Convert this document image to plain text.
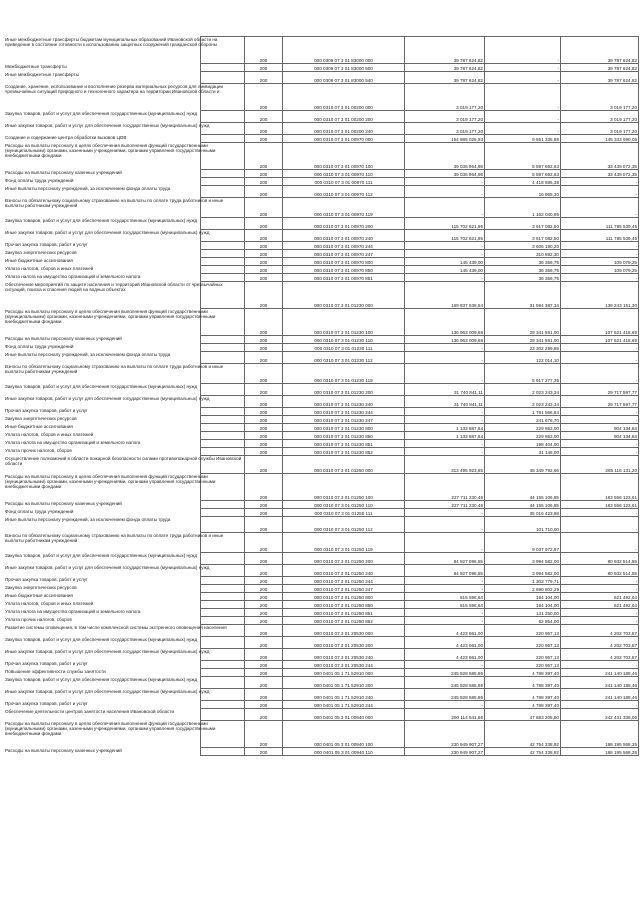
Иные межбюджетные трансферты бюджетам муниципальных образований Ивановской области на приведение в состояние готовности к использованию защитных сооружений гражданской обороны	200	000 0309 07 3 01 83000 000	39 787 624,82	-	39 787 624,82

Межбюджетные трансферты	200	000 0309 07 3 01 83000 500	39 787 624,82	-	39 787 624,82

Иные межбюджетные трансферты	200	000 0309 07 3 01 83000 540	39 787 624,82	-	39 787 624,82

Создание, хранение, использование и восполнение резерва материальных ресурсов для ликвидации чрезвычайных ситуаций природного и техногенного характера на территории Ивановской области и	200	000 0310 07 3 01 00200 000	3 019 177,20	-	3 019 177,20

Закупка товаров, работ и услуг для обеспечения государственных (муниципальных) нужд	200	000 0310 07 3 01 00200 200	3 019 177,20	-	3 019 177,20

Иные закупки товаров, работ и услуг для обеспечения государственных (муниципальных) нужд	200	000 0310 07 3 01 00200 240	3 019 177,20	-	3 019 177,20

Создание и содержание центра обработки вызовов ЦОВ	200	000 0310 07 3 01 00970 000	154 885 025,93	9 551 335,88	145 333 690,05

Расходы на выплаты персоналу в целях обеспечения выполнения функций государственными (муниципальными) органами, казенными учреждениями, органами управления государственными внебюджетными фондами	200	000 0310 07 3 01 00970 100	39 036 964,98	5 597 692,63	33 439 072,35

Расходы на выплаты персоналу казенных учреждений	200	000 0310 07 3 01 00970 110	39 036 964,98	5 597 692,63	33 439 072,35

Фонд оплаты труда учреждений	200	000 0310 07 3 01 00970 111	-	4 418 686,38	-

Иные выплаты персоналу учреждений, за исключением фонда оплаты труда	200	000 0310 07 3 01 00970 112	-	16 965,30	-

Взносы по обязательному социальному страхованию на выплаты по оплате труда работников и иные выплаты работникам учреждений	200	000 0310 07 3 01 00970 119	-	1 162 040,95	-

Закупка товаров, работ и услуг для обеспечения государственных (муниципальных) нужд	200	000 0310 07 3 01 00970 200	115 702 621,95	3 917 082,50	111 785 539,45

Иные закупки товаров, работ и услуг для обеспечения государственных (муниципальных) нужд	200	000 0310 07 3 01 00970 240	115 702 621,95	3 917 082,50	111 785 539,45

Прочая закупка товаров, работ и услуг	200	000 0310 07 3 01 00970 244	-	3 606 190,20	-

Закупка энергетических ресурсов	200	000 0310 07 3 01 00970 247	-	310 892,30	-

Иные бюджетные ассигнования	200	000 0310 07 3 01 00970 800	145 439,00	36 359,75	109 079,25

Уплата налогов, сборов и иных платежей	200	000 0310 07 3 01 00970 850	145 439,00	36 359,75	109 079,25

Уплата налога на имущество организаций и земельного налога	200	000 0310 07 3 01 00970 851	-	36 359,75	-

Обеспечение мероприятий по защите населения и территорий Ивановской области от чрезвычайных ситуаций, поиска и спасения людей на водных объектах	200	000 0310 07 3 01 01230 000	169 837 538,64	31 594 387,34	138 243 151,30

Расходы на выплаты персоналу в целях обеспечения выполнения функций государственными (муниципальными) органами, казенными учреждениями, органами управления государственными внебюджетными фондами	200	000 0310 07 3 01 01230 100	136 963 009,69	29 341 591,00	107 621 418,69

Расходы на выплаты персоналу казенных учреждений	200	000 0310 07 3 01 01230 110	136 963 009,69	29 341 591,00	107 621 418,69

Фонд оплаты труда учреждений	200	000 0310 07 3 01 01230 111	-	23 302 299,55	-

Иные выплаты персоналу учреждений, за исключением фонда оплаты труда	200	000 0310 07 3 01 01230 112	-	122 014,10	-

Взносы по обязательному социальному страхованию на выплаты по оплате труда работников и иные выплаты работникам учреждений	200	000 0310 07 3 01 01230 119	-	5 917 277,35	-

Закупка товаров, работ и услуг для обеспечения государственных (муниципальных) нужд	200	000 0310 07 3 01 01230 200	31 740 841,11	2 023 243,34	29 717 597,77

Иные закупки товаров, работ и услуг для обеспечения государственных (муниципальных) нужд	200	000 0310 07 3 01 01230 240	31 740 841,11	2 023 243,34	29 717 597,77

Прочая закупка товаров, работ и услуг	200	000 0310 07 3 01 01230 244	-	1 781 566,64	-

Закупка энергетических ресурсов	200	000 0310 07 3 01 01230 247	-	241 676,70	-

Иные бюджетные ассигнования	200	000 0310 07 3 01 01230 800	1 133 687,84	229 553,00	904 134,84

Уплата налогов, сборов и иных платежей	200	000 0310 07 3 01 01230 850	1 133 687,84	229 553,00	904 134,84

Уплата налога на имущество организаций и земельного налога	200	000 0310 07 3 01 01230 851	-	198 404,00	-

Уплата прочих налогов, сборов	200	000 0310 07 3 01 01230 852	-	31 149,00	-

Осуществление полномочий в области пожарной безопасности силами противопожарной службы Ивановской области	200	000 0310 07 3 01 01250 000	313 495 923,65	48 349 792,66	265 116 131,20

Расходы на выплаты персоналу в целях обеспечения выполнения функций государственными (муниципальными) органами, казенными учреждениями, органами управления государственными внебюджетными фондами	200	000 0310 07 3 01 01250 100	227 711 230,46	44 155 106,85	183 556 123,61

Расходы на выплаты персоналу казенных учреждений	200	000 0310 07 3 01 01250 110	227 711 230,46	44 155 106,85	183 556 123,61

Фонд оплаты труда учреждений	200	000 0310 07 3 01 01250 111	-	35 016 423,68	-

Иные выплаты персоналу учреждений, за исключением фонда оплаты труда	200	000 0310 07 3 01 01250 112	-	101 710,00	-

Взносы по обязательному социальному страхованию на выплаты по оплате труда работников и иные выплаты работникам учреждений	200	000 0310 07 3 01 01250 119	-	9 037 972,97	-

Закупка товаров, работ и услуг для обеспечения государственных (муниципальных) нужд	200	000 0310 07 3 01 01250 200	84 927 096,55	3 994 582,00	80 932 514,55

Иные закупки товаров, работ и услуг для обеспечения государственных (муниципальных) нужд	200	000 0310 07 3 01 01250 240	84 927 096,55	3 994 582,00	80 932 514,55

Прочая закупка товаров, работ и услуг	200	000 0310 07 3 01 01250 244	-	1 303 779,71	-

Закупка энергетических ресурсов	200	000 0310 07 3 01 01250 247	-	2 690 802,29	-

Иные бюджетные ассигнования	200	000 0310 07 3 01 01250 800	815 596,64	194 104,00	621 492,64

Уплата налогов, сборов и иных платежей	200	000 0310 07 3 01 01250 850	815 596,64	194 104,00	621 492,64

Уплата налога на имущество организаций и земельного налога	200	000 0310 07 3 01 01250 851	-	131 250,00	-

Уплата прочих налогов, сборов	200	000 0310 07 3 01 01250 852	-	62 854,00	-

Развитие системы оповещения, в том числе комплексной системы экстренного оповещения населения	200	000 0310 07 3 01 20530 000	4 423 661,00	220 957,13	4 202 703,87

Закупка товаров, работ и услуг для обеспечения государственных (муниципальных) нужд	200	000 0310 07 3 01 20530 200	4 423 661,00	220 957,13	4 202 703,87

Иные закупки товаров, работ и услуг для обеспечения государственных (муниципальных) нужд	200	000 0310 07 3 01 20530 240	4 423 661,00	220 957,13	4 202 703,87

Прочая закупка товаров, работ и услуг	200	000 0310 07 3 01 20530 244	-	220 957,13	-

Повышение эффективности службы занятости	200	000 0401 05 1 71 52910 000	245 928 585,86	4 788 397,40	241 140 188,46

Закупка товаров, работ и услуг для обеспечения государственных (муниципальных) нужд	200	000 0401 05 1 71 52910 200	245 928 585,86	4 788 397,40	241 140 188,46

Иные закупки товаров, работ и услуг для обеспечения государственных (муниципальных) нужд	200	000 0401 05 1 71 52910 240	245 928 585,86	4 788 397,40	241 140 188,46

Прочая закупка товаров, работ и услуг	200	000 0401 05 1 71 52910 244	-	4 788 397,40	-

Обеспечение деятельности центров занятости населения Ивановской области	200	000 0401 05 3 01 00940 000	290 114 541,66	47 683 205,60	242 431 336,06

Расходы на выплаты персоналу в целях обеспечения выполнения функций государственными (муниципальными) органами, казенными учреждениями, органами управления государственными внебюджетными фондами	200	000 0401 05 3 01 00940 100	230 949 907,27	42 754 338,92	188 195 568,35

Расходы на выплаты персоналу казенных учреждений	200	000 0401 05 3 01 00940 110	230 949 907,27	42 754 338,92	188 195 568,35
